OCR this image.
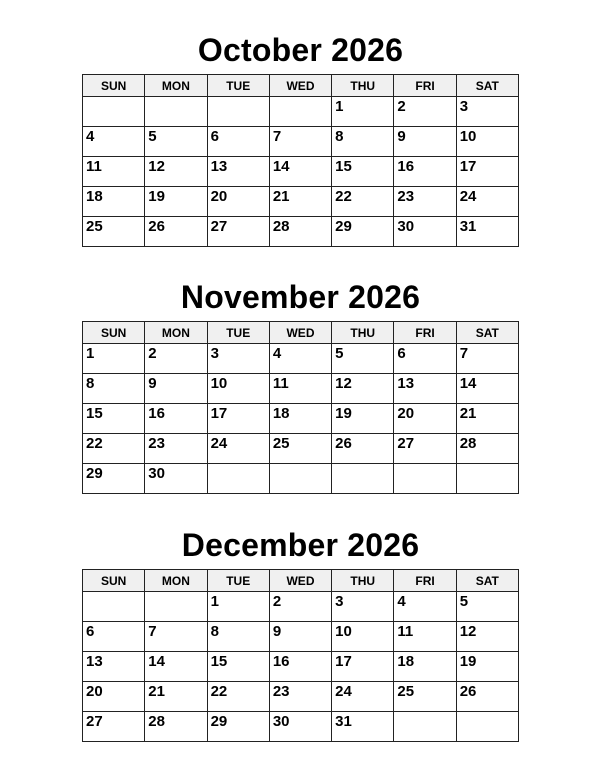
October 2026
SUN	MON	TUE	WED	THU	FRI	SAT

				1	2	3

4	5	6	7	8	9	10

11	12	13	14	15	16	17

18	19	20	21	22	23	24

25	26	27	28	29	30	31
November 2026
SUN	MON	TUE	WED	THU	FRI	SAT

1	2	3	4	5	6	7

8	9	10	11	12	13	14

15	16	17	18	19	20	21

22	23	24	25	26	27	28

29	30					

December 2026
SUN	MON	TUE	WED	THU	FRI	SAT

		1	2	3	4	5

6	7	8	9	10	11	12

13	14	15	16	17	18	19

20	21	22	23	24	25	26

27	28	29	30	31		
